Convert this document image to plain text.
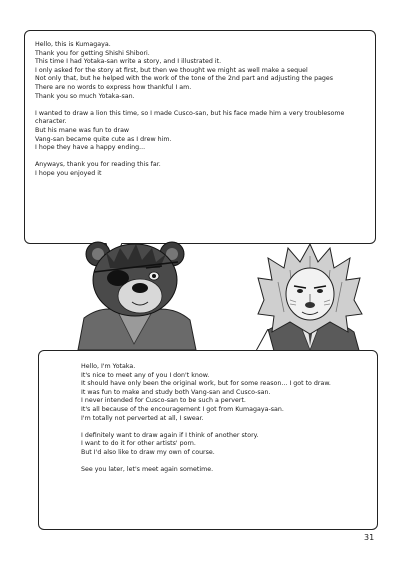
Hello, this is Kumagaya.
Thank you for getting Shishi Shibori.
This time I had Yotaka-san write a story, and I illustrated it.
I only asked for the story at first, but then we thought we might as well make a sequel
Not only that, but he helped with the work of the tone of the 2nd part and adjusting the pages
There are no words to express how thankful I am.
Thank you so much Yotaka-san.

I wanted to draw a lion this time, so I made Cusco-san, but his face made him a very troublesome character.
But his mane was fun to draw
Vang-san became quite cute as I drew him.
I hope they have a happy ending...

Anyways, thank you for reading this far.
I hope you enjoyed it

Hello, I'm Yotaka.
It's nice to meet any of you I don't know.
It should have only been the original work, but for some reason... I got to draw.
It was fun to make and study both Vang-san and Cusco-san.
I never intended for Cusco-san to be such a pervert.
It's all because of the encouragement I got from Kumagaya-san.
I'm totally not perverted at all, I swear.

I definitely want to draw again if I think of another story.
I want to do it for other artists' porn.
But I'd also like to draw my own of course.

See you later, let's meet again sometime.

31
